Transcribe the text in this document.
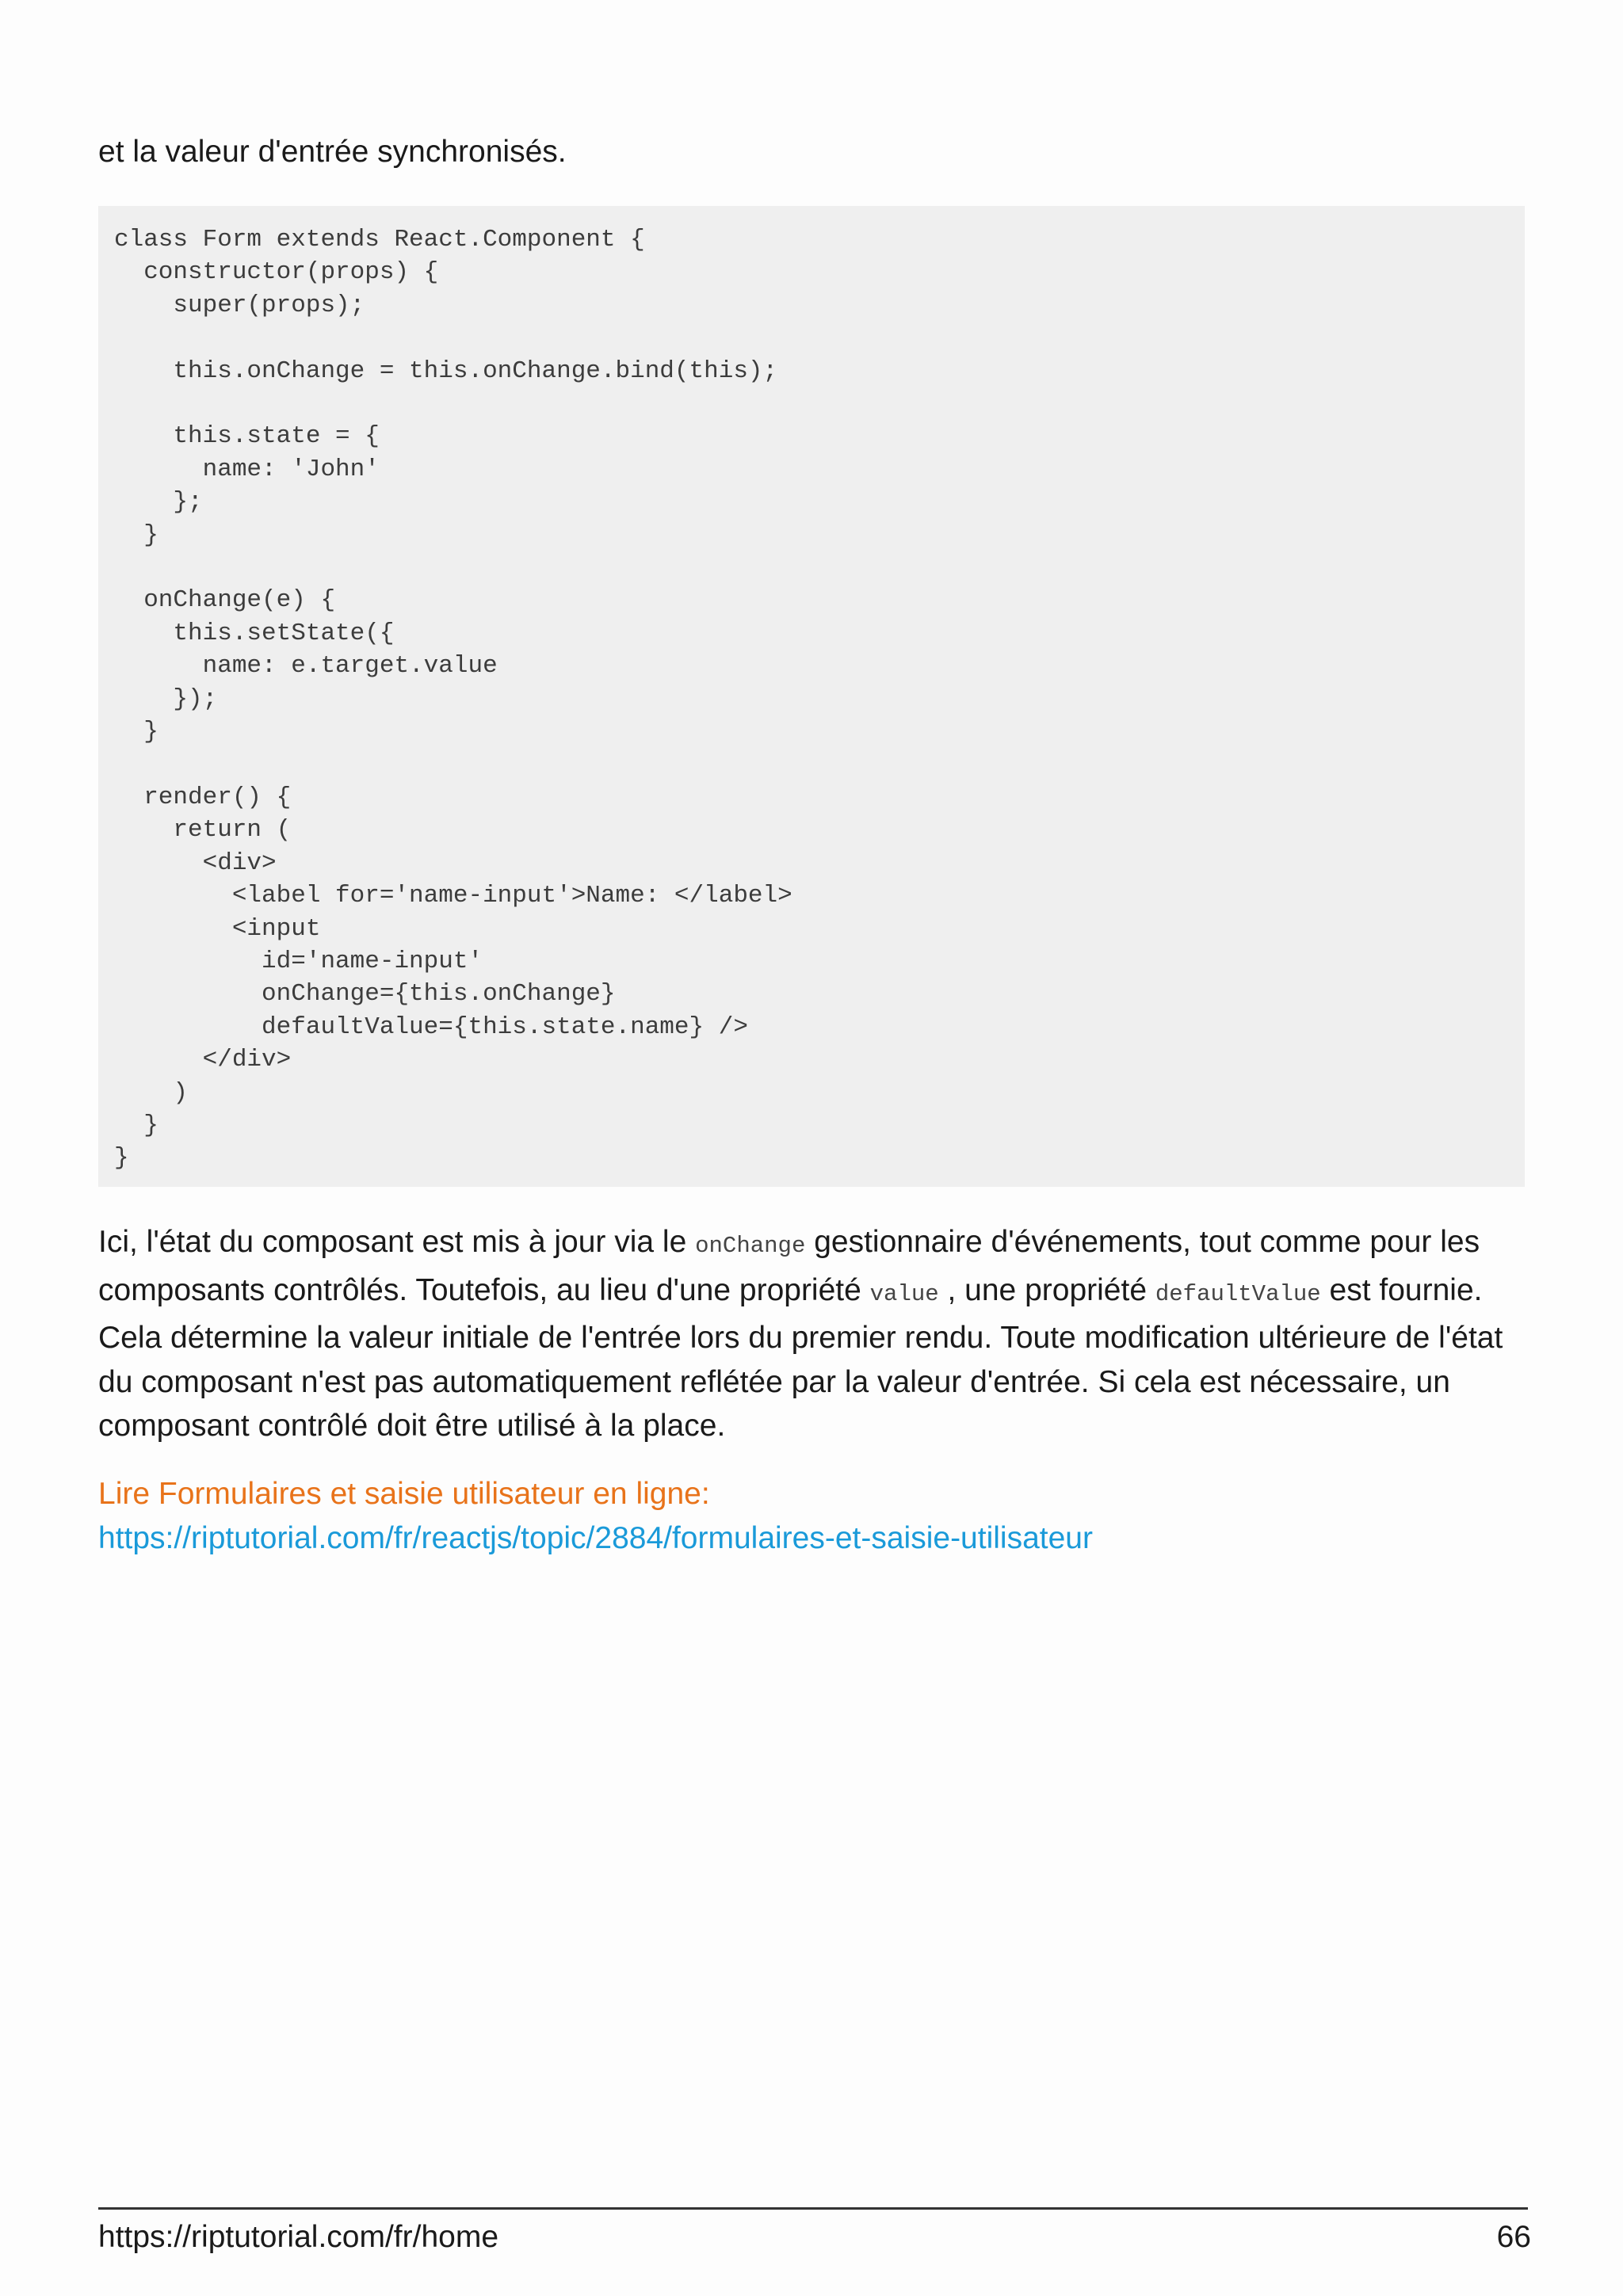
et la valeur d'entrée synchronisés.

class Form extends React.Component {
constructor(props) {
super(props);

this.onChange = this.onChange.bind(this);

this.state = {
name: 'John'
};
}

onChange(e) {
this.setState({
name: e.target.value
});
}

render() {
return (
<div>
<label for='name-input'>Name: </label>
<input
id='name-input'
onChange={this.onChange}
defaultValue={this.state.name} />
</div>
)
}
}

Ici, l'état du composant est mis à jour via le onChange gestionnaire d'événements, tout comme pour les composants contrôlés. Toutefois, au lieu d'une propriété value , une propriété defaultValue est fournie. Cela détermine la valeur initiale de l'entrée lors du premier rendu. Toute modification ultérieure de l'état du composant n'est pas automatiquement reflétée par la valeur d'entrée. Si cela est nécessaire, un composant contrôlé doit être utilisé à la place.

Lire Formulaires et saisie utilisateur en ligne:
https://riptutorial.com/fr/reactjs/topic/2884/formulaires-et-saisie-utilisateur
https://riptutorial.com/fr/home	66
